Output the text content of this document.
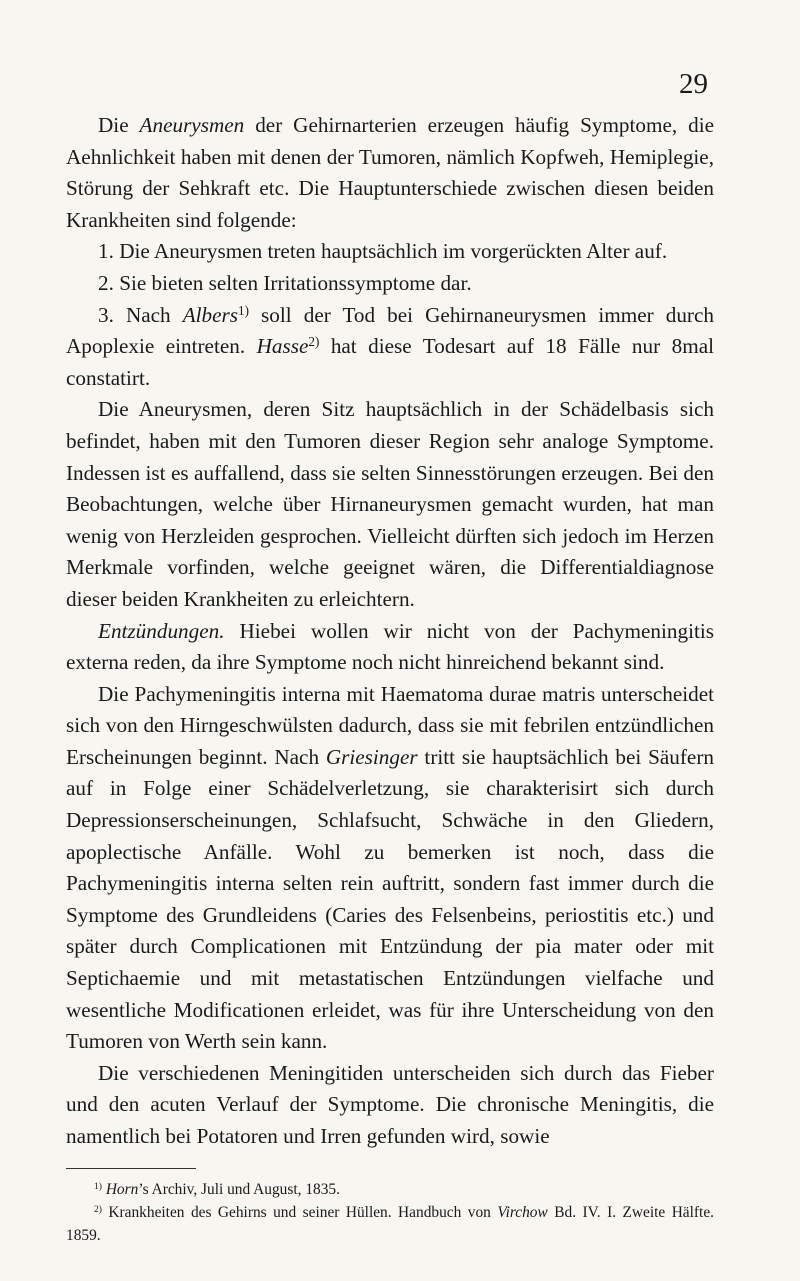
29

Die Aneurysmen der Gehirnarterien erzeugen häufig Symptome, die Aehnlichkeit haben mit denen der Tumoren, nämlich Kopfweh, Hemiplegie, Störung der Sehkraft etc. Die Hauptunterschiede zwischen diesen beiden Krankheiten sind folgende:

1. Die Aneurysmen treten hauptsächlich im vorgerückten Alter auf.

2. Sie bieten selten Irritationssymptome dar.

3. Nach Albers$^{1)}$ soll der Tod bei Gehirnaneurysmen immer durch Apoplexie eintreten. Hasse$^{2)}$ hat diese Todesart auf 18 Fälle nur 8mal constatirt.

Die Aneurysmen, deren Sitz hauptsächlich in der Schädelbasis sich befindet, haben mit den Tumoren dieser Region sehr analoge Symptome. Indessen ist es auffallend, dass sie selten Sinnesstörungen erzeugen. Bei den Beobachtungen, welche über Hirnaneurysmen gemacht wurden, hat man wenig von Herzleiden gesprochen. Vielleicht dürften sich jedoch im Herzen Merkmale vorfinden, welche geeignet wären, die Differentialdiagnose dieser beiden Krankheiten zu erleichtern.

Entzündungen. Hiebei wollen wir nicht von der Pachymeningitis externa reden, da ihre Symptome noch nicht hinreichend bekannt sind.

Die Pachymeningitis interna mit Haematoma durae matris unterscheidet sich von den Hirngeschwülsten dadurch, dass sie mit febrilen entzündlichen Erscheinungen beginnt. Nach Griesinger tritt sie hauptsächlich bei Säufern auf in Folge einer Schädelverletzung, sie charakterisirt sich durch Depressionserscheinungen, Schlafsucht, Schwäche in den Gliedern, apoplectische Anfälle. Wohl zu bemerken ist noch, dass die Pachymeningitis interna selten rein auftritt, sondern fast immer durch die Symptome des Grundleidens (Caries des Felsenbeins, periostitis etc.) und später durch Complicationen mit Entzündung der pia mater oder mit Septichaemie und mit metastatischen Entzündungen vielfache und wesentliche Modificationen erleidet, was für ihre Unterscheidung von den Tumoren von Werth sein kann.

Die verschiedenen Meningitiden unterscheiden sich durch das Fieber und den acuten Verlauf der Symptome. Die chronische Meningitis, die namentlich bei Potatoren und Irren gefunden wird, sowie

$^{1)}$ Horn’s Archiv, Juli und August, 1835.

$^{2)}$ Krankheiten des Gehirns und seiner Hüllen. Handbuch von Virchow Bd. IV. I. Zweite Hälfte. 1859.
